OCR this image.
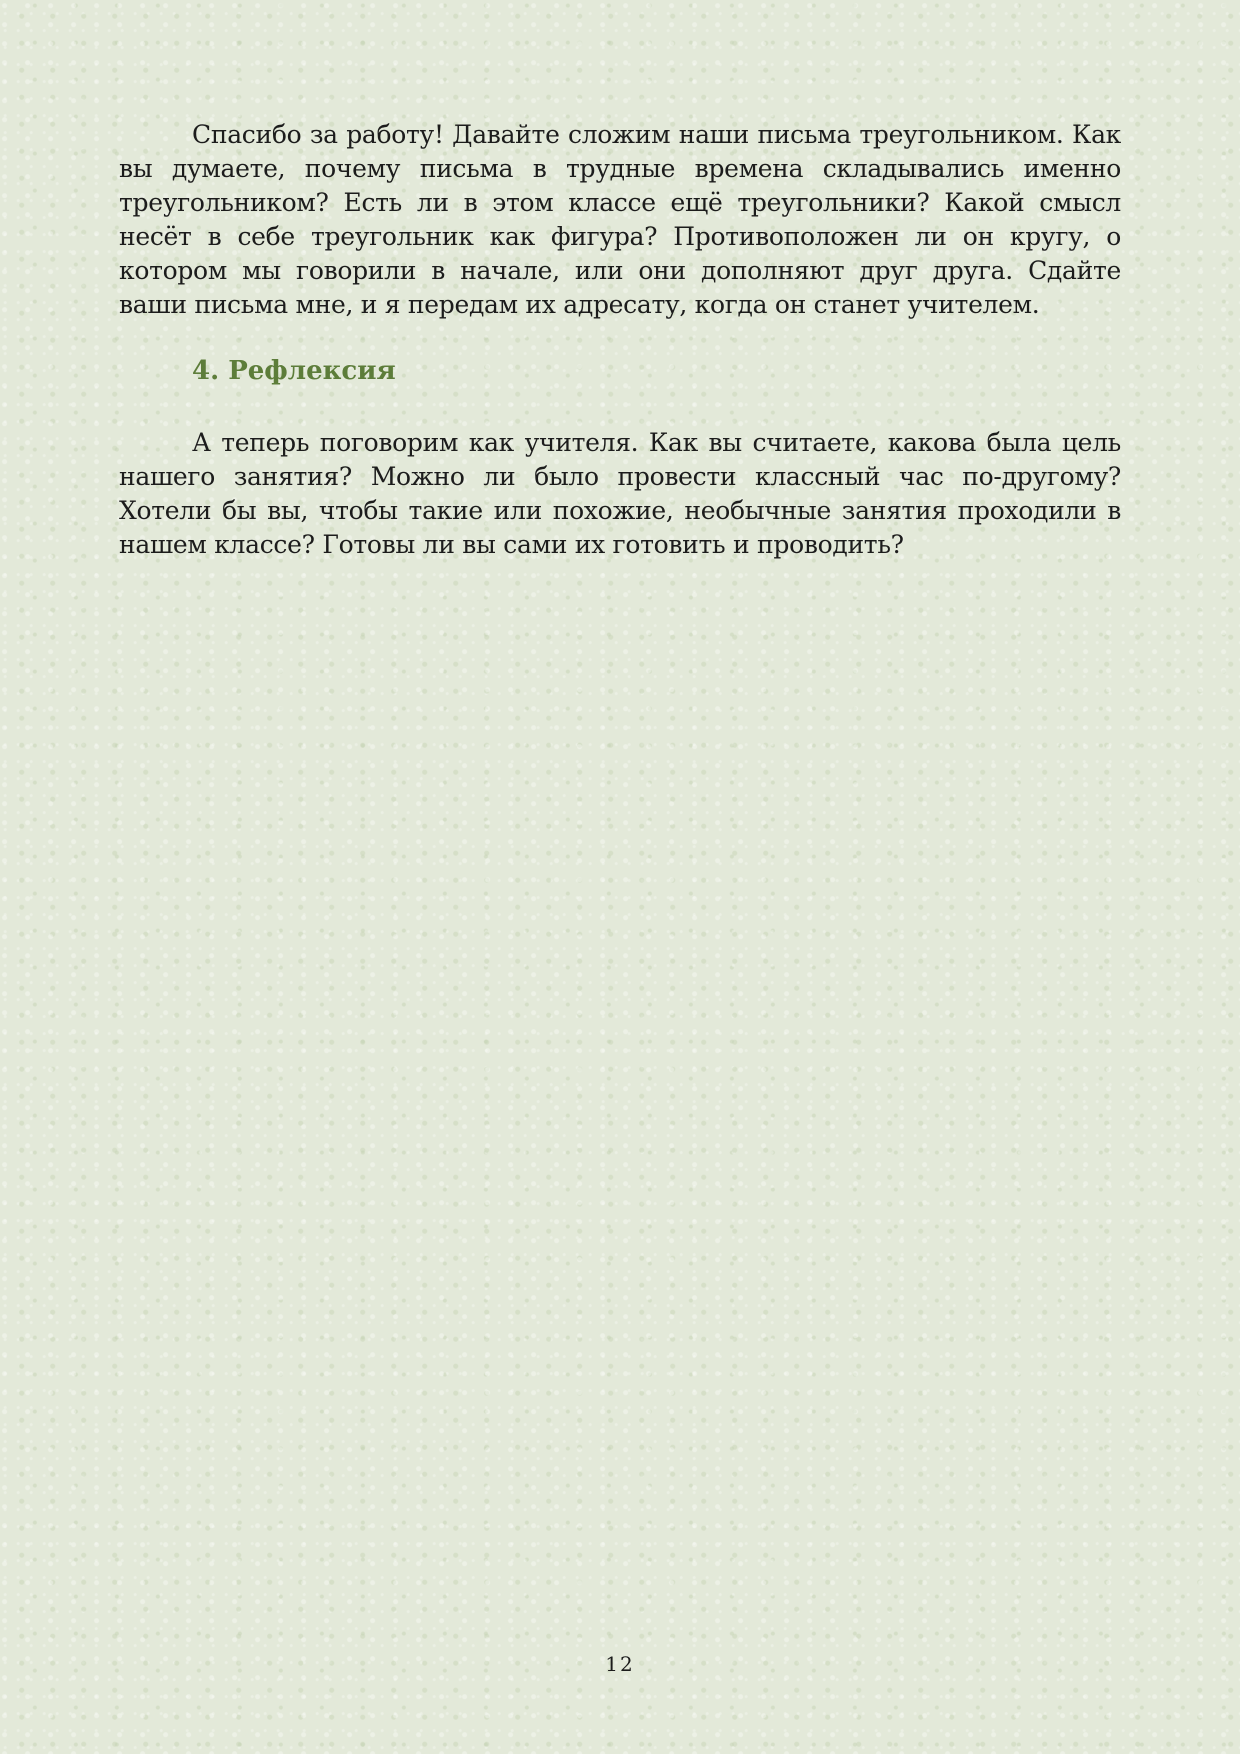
Спасибо за работу! Давайте сложим наши письма треугольником. Как вы думаете, почему письма в трудные времена складывались именно треугольником? Есть ли в этом классе ещё треугольники? Какой смысл несёт в себе треугольник как фигура? Противоположен ли он кругу, о котором мы говорили в начале, или они дополняют друг друга. Сдайте ваши письма мне, и я передам их адресату, когда он станет учителем.

4. Рефлексия

А теперь поговорим как учителя. Как вы считаете, какова была цель нашего занятия? Можно ли было провести классный час по-другому? Хотели бы вы, чтобы такие или похожие, необычные занятия проходили в нашем классе? Готовы ли вы сами их готовить и проводить?

12
